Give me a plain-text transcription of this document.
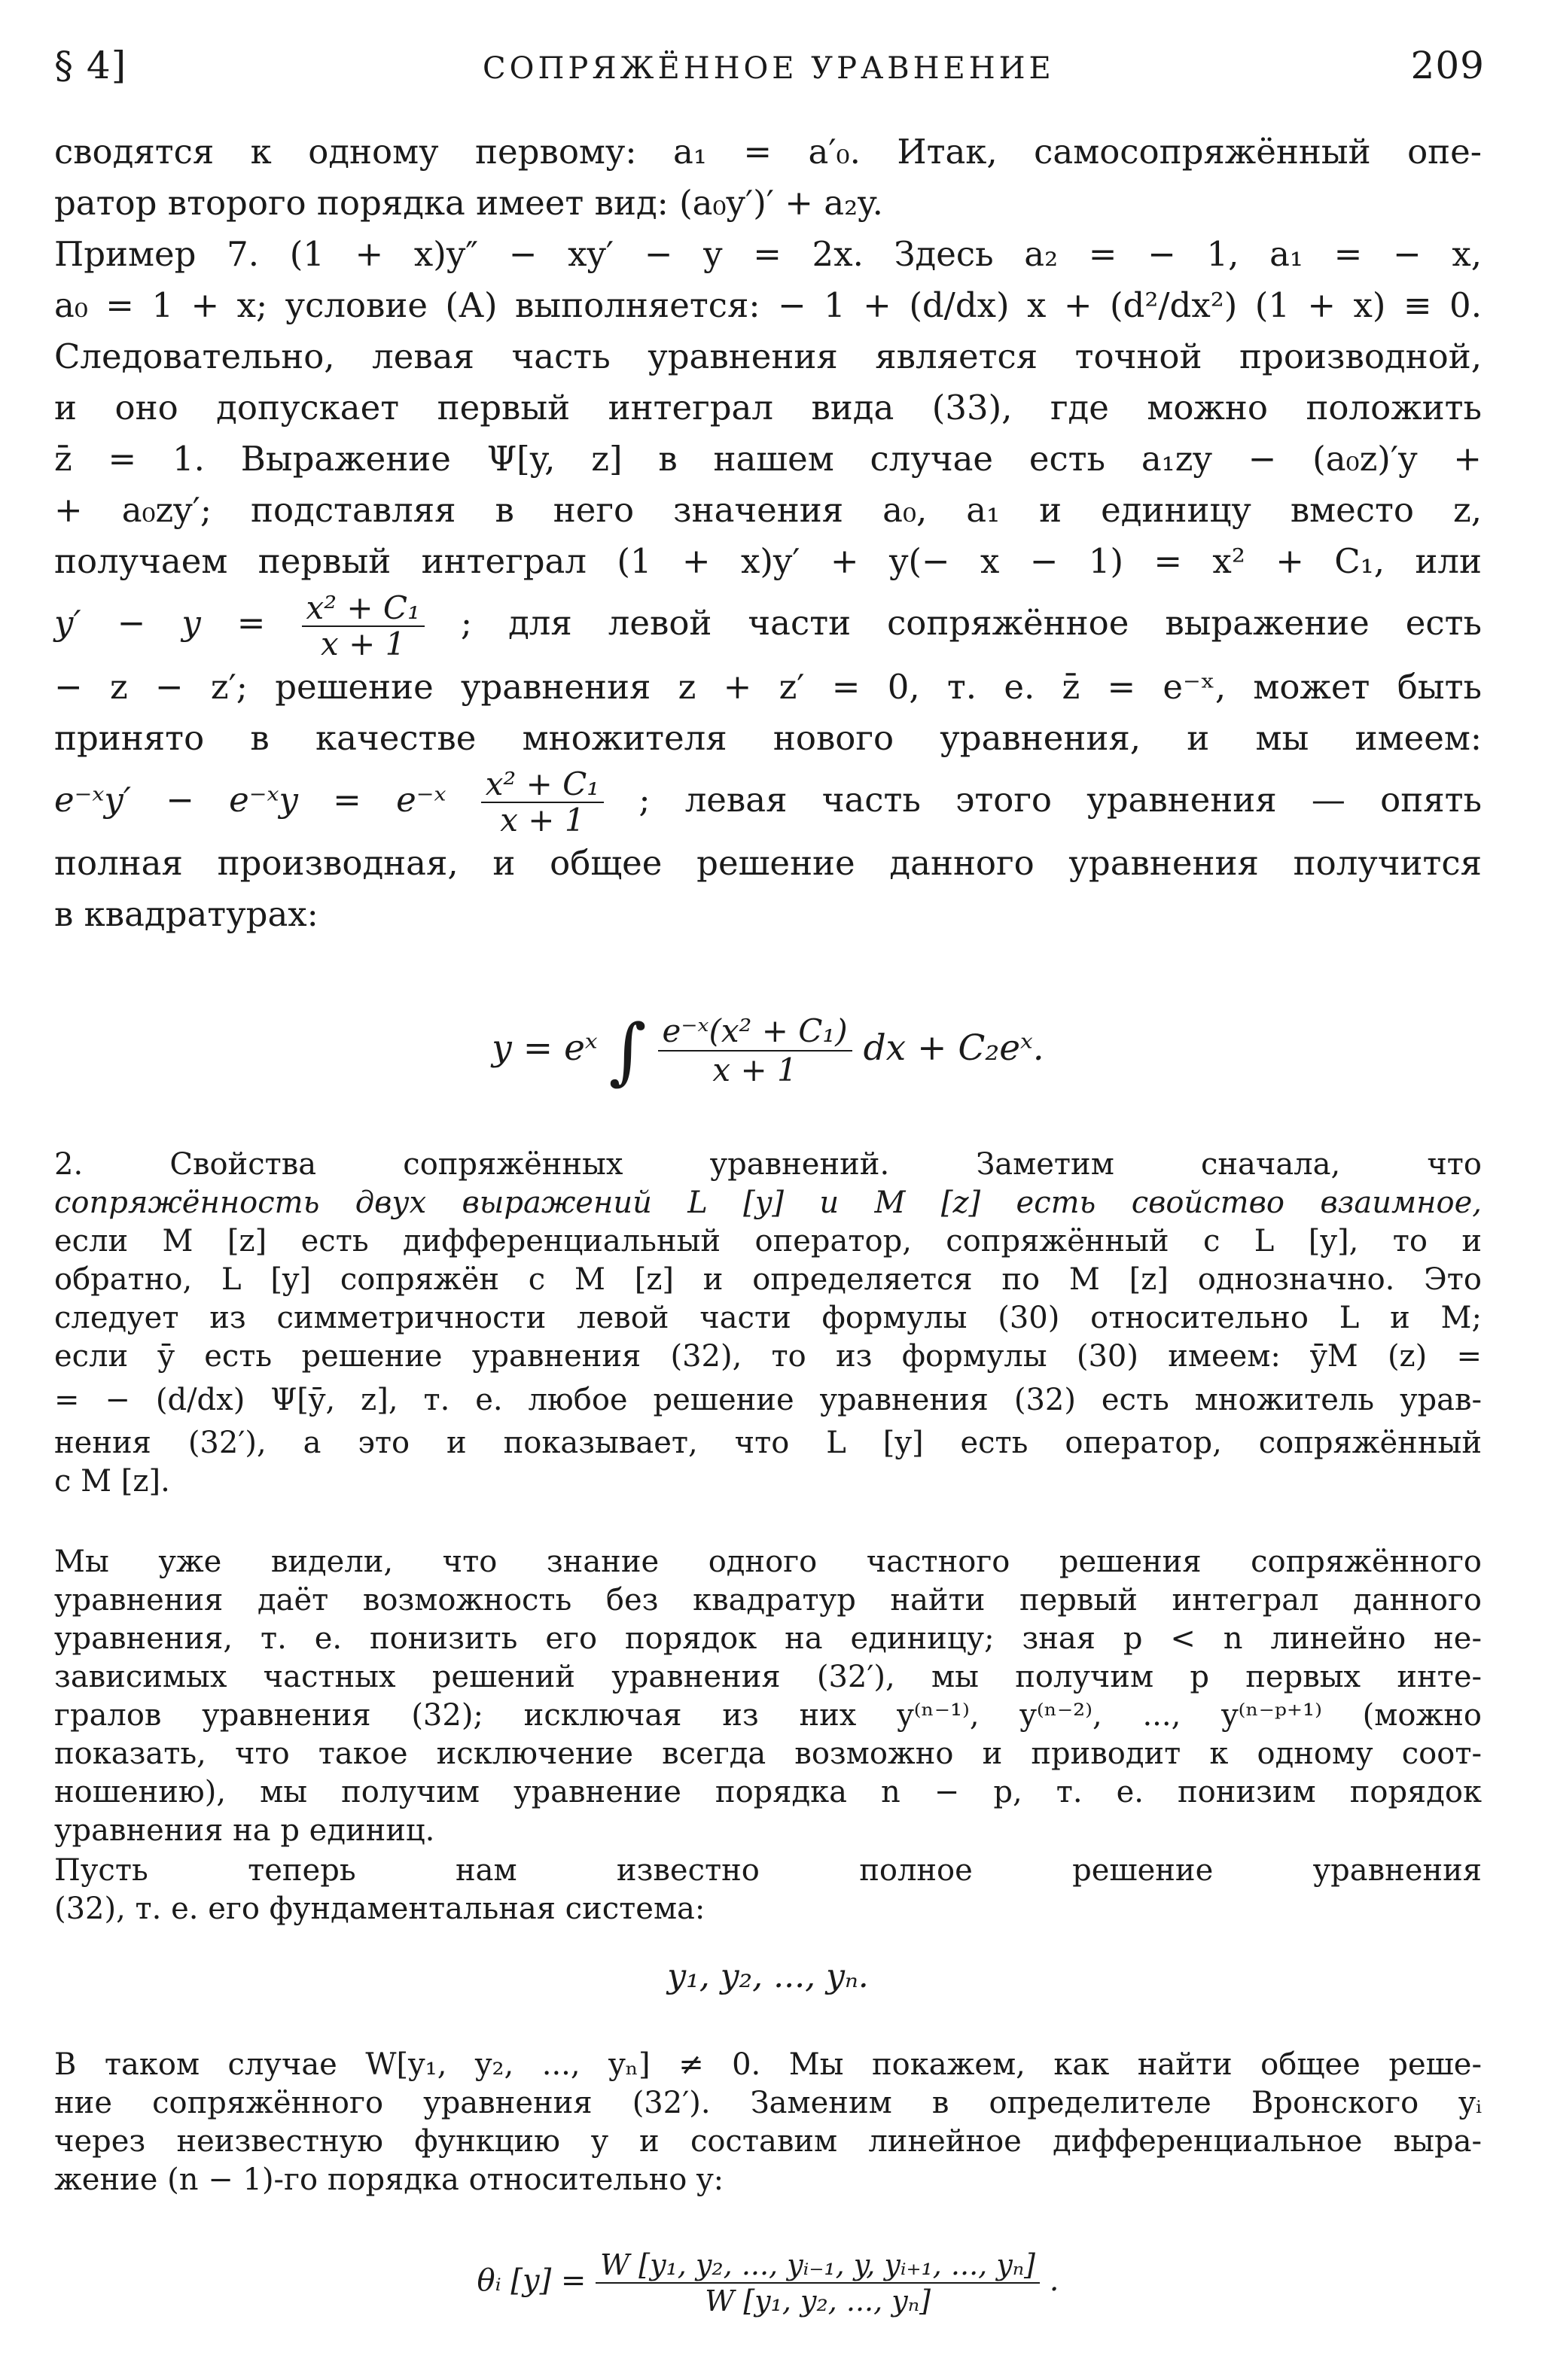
§ 4]	СОПРЯЖЁННОЕ УРАВНЕНИЕ	209
сводятся к одному первому: a₁ = a′₀. Итак, самосопряжённый опе-
ратор второго порядка имеет вид: (a₀y′)′ + a₂y.
Пример 7. (1 + x)y″ − xy′ − y = 2x. Здесь a₂ = − 1, a₁ = − x,
a₀ = 1 + x; условие (А) выполняется: − 1 + (d/dx) x + (d²/dx²) (1 + x) ≡ 0.
Следовательно, левая часть уравнения является точной производной,
и оно допускает первый интеграл вида (33), где можно положить
z̄ = 1. Выражение Ψ[y, z] в нашем случае есть a₁zy − (a₀z)′y +
+ a₀zy′; подставляя в него значения a₀, a₁ и единицу вместо z,
получаем первый интеграл (1 + x)y′ + y(− x − 1) = x² + C₁, или
$y' - y = \frac{\text{x² + C₁}}{x + 1}$ ; для левой части сопряжённое выражение есть
− z − z′; решение уравнения z + z′ = 0, т. е. z̄ = e⁻ˣ, может быть
принято в качестве множителя нового уравнения, и мы имеем:
e⁻ˣy′ − e⁻ˣy = e⁻ˣ $\frac{\text{x² + C₁}}{x + 1}$ ; левая часть этого уравнения — опять
полная производная, и общее решение данного уравнения получится
в квадратурах:
y = eˣ ∫ $\frac{\text{e⁻ˣ(x² + C₁)}}{x + 1}$ dx + C₂eˣ.
2. Свойства сопряжённых уравнений. Заметим сначала, что
сопряжённость двух выражений L [y] и M [z] есть свойство взаимное,
если M [z] есть дифференциальный оператор, сопряжённый с L [y], то и
обратно, L [y] сопряжён с M [z] и определяется по M [z] однозначно. Это
следует из симметричности левой части формулы (30) относительно L и M;
если ȳ есть решение уравнения (32), то из формулы (30) имеем: ȳM (z) =
= − (d/dx) Ψ[ȳ, z], т. е. любое решение уравнения (32) есть множитель урав-
нения (32′), а это и показывает, что L [y] есть оператор, сопряжённый
с M [z].
Мы уже видели, что знание одного частного решения сопряжённого
уравнения даёт возможность без квадратур найти первый интеграл данного
уравнения, т. е. понизить его порядок на единицу; зная p < n линейно не-
зависимых частных решений уравнения (32′), мы получим p первых инте-
гралов уравнения (32); исключая из них y⁽ⁿ⁻¹⁾, y⁽ⁿ⁻²⁾, ..., y⁽ⁿ⁻ᵖ⁺¹⁾ (можно
показать, что такое исключение всегда возможно и приводит к одному соот-
ношению), мы получим уравнение порядка n − p, т. е. понизим порядок
уравнения на p единиц.
Пусть теперь нам известно полное решение уравнения
(32), т. е. его фундаментальная система:
y₁, y₂, ..., yₙ.
В таком случае W[y₁, y₂, ..., yₙ] ≠ 0. Мы покажем, как найти общее реше-
ние сопряжённого уравнения (32′). Заменим в определителе Вронского yᵢ
через неизвестную функцию y и составим линейное дифференциальное выра-
жение (n − 1)-го порядка относительно y:
θᵢ $[y] = \frac{\text{W [y₁, y₂, ..., yᵢ₋₁, y, yᵢ₊₁, ..., yₙ]}}{\text{W [y₁, y₂, ..., yₙ]}}$ .
